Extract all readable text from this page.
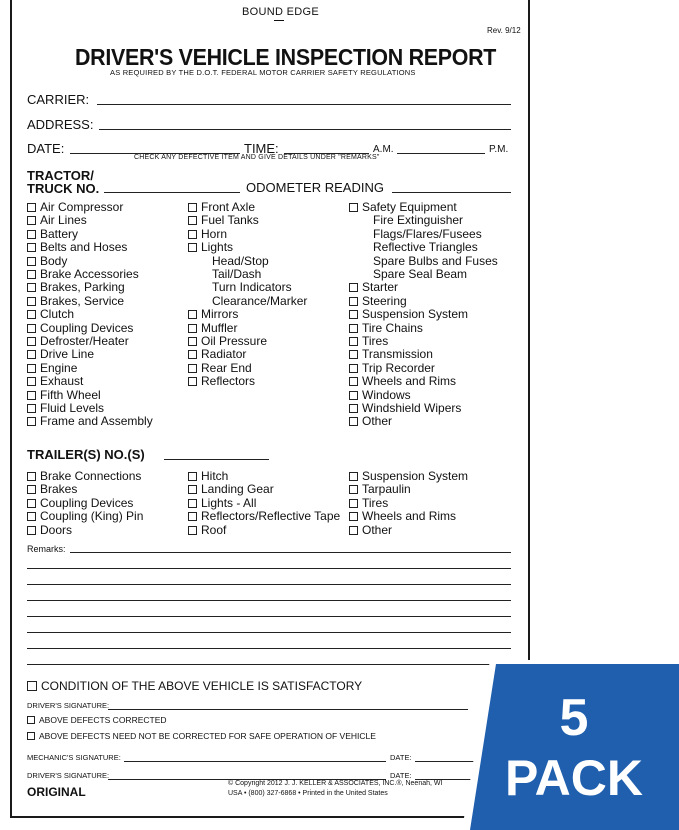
BOUND EDGE
Rev. 9/12
DRIVER'S VEHICLE INSPECTION REPORT
AS REQUIRED BY THE D.O.T. FEDERAL MOTOR CARRIER SAFETY REGULATIONS
CARRIER:
ADDRESS:
DATE:	TIME:	A.M.	P.M.
CHECK ANY DEFECTIVE ITEM AND GIVE DETAILS UNDER "REMARKS"
TRACTOR/
TRUCK NO.	ODOMETER READING
Air Compressor
Air Lines
Battery
Belts and Hoses
Body
Brake Accessories
Brakes, Parking
Brakes, Service
Clutch
Coupling Devices
Defroster/Heater
Drive Line
Engine
Exhaust
Fifth Wheel
Fluid Levels
Frame and Assembly
Front Axle
Fuel Tanks
Horn
Lights
Head/Stop
Tail/Dash
Turn Indicators
Clearance/Marker
Mirrors
Muffler
Oil Pressure
Radiator
Rear End
Reflectors
Safety Equipment
Fire Extinguisher
Flags/Flares/Fusees
Reflective Triangles
Spare Bulbs and Fuses
Spare Seal Beam
Starter
Steering
Suspension System
Tire Chains
Tires
Transmission
Trip Recorder
Wheels and Rims
Windows
Windshield Wipers
Other
TRAILER(S) NO.(S)
Brake Connections
Brakes
Coupling Devices
Coupling (King) Pin
Doors
Hitch
Landing Gear
Lights - All
Reflectors/Reflective Tape
Roof
Suspension System
Tarpaulin
Tires
Wheels and Rims
Other
Remarks:
CONDITION OF THE ABOVE VEHICLE IS SATISFACTORY
DRIVER'S SIGNATURE:
ABOVE DEFECTS CORRECTED
ABOVE DEFECTS NEED NOT BE CORRECTED FOR SAFE OPERATION OF VEHICLE
MECHANIC'S SIGNATURE:	DATE:
DRIVER'S SIGNATURE:	DATE:
ORIGINAL
© Copyright 2012 J. J. KELLER & ASSOCIATES, INC.®, Neenah, WI
USA • (800) 327-6868 • Printed in the United States
5
PACK
